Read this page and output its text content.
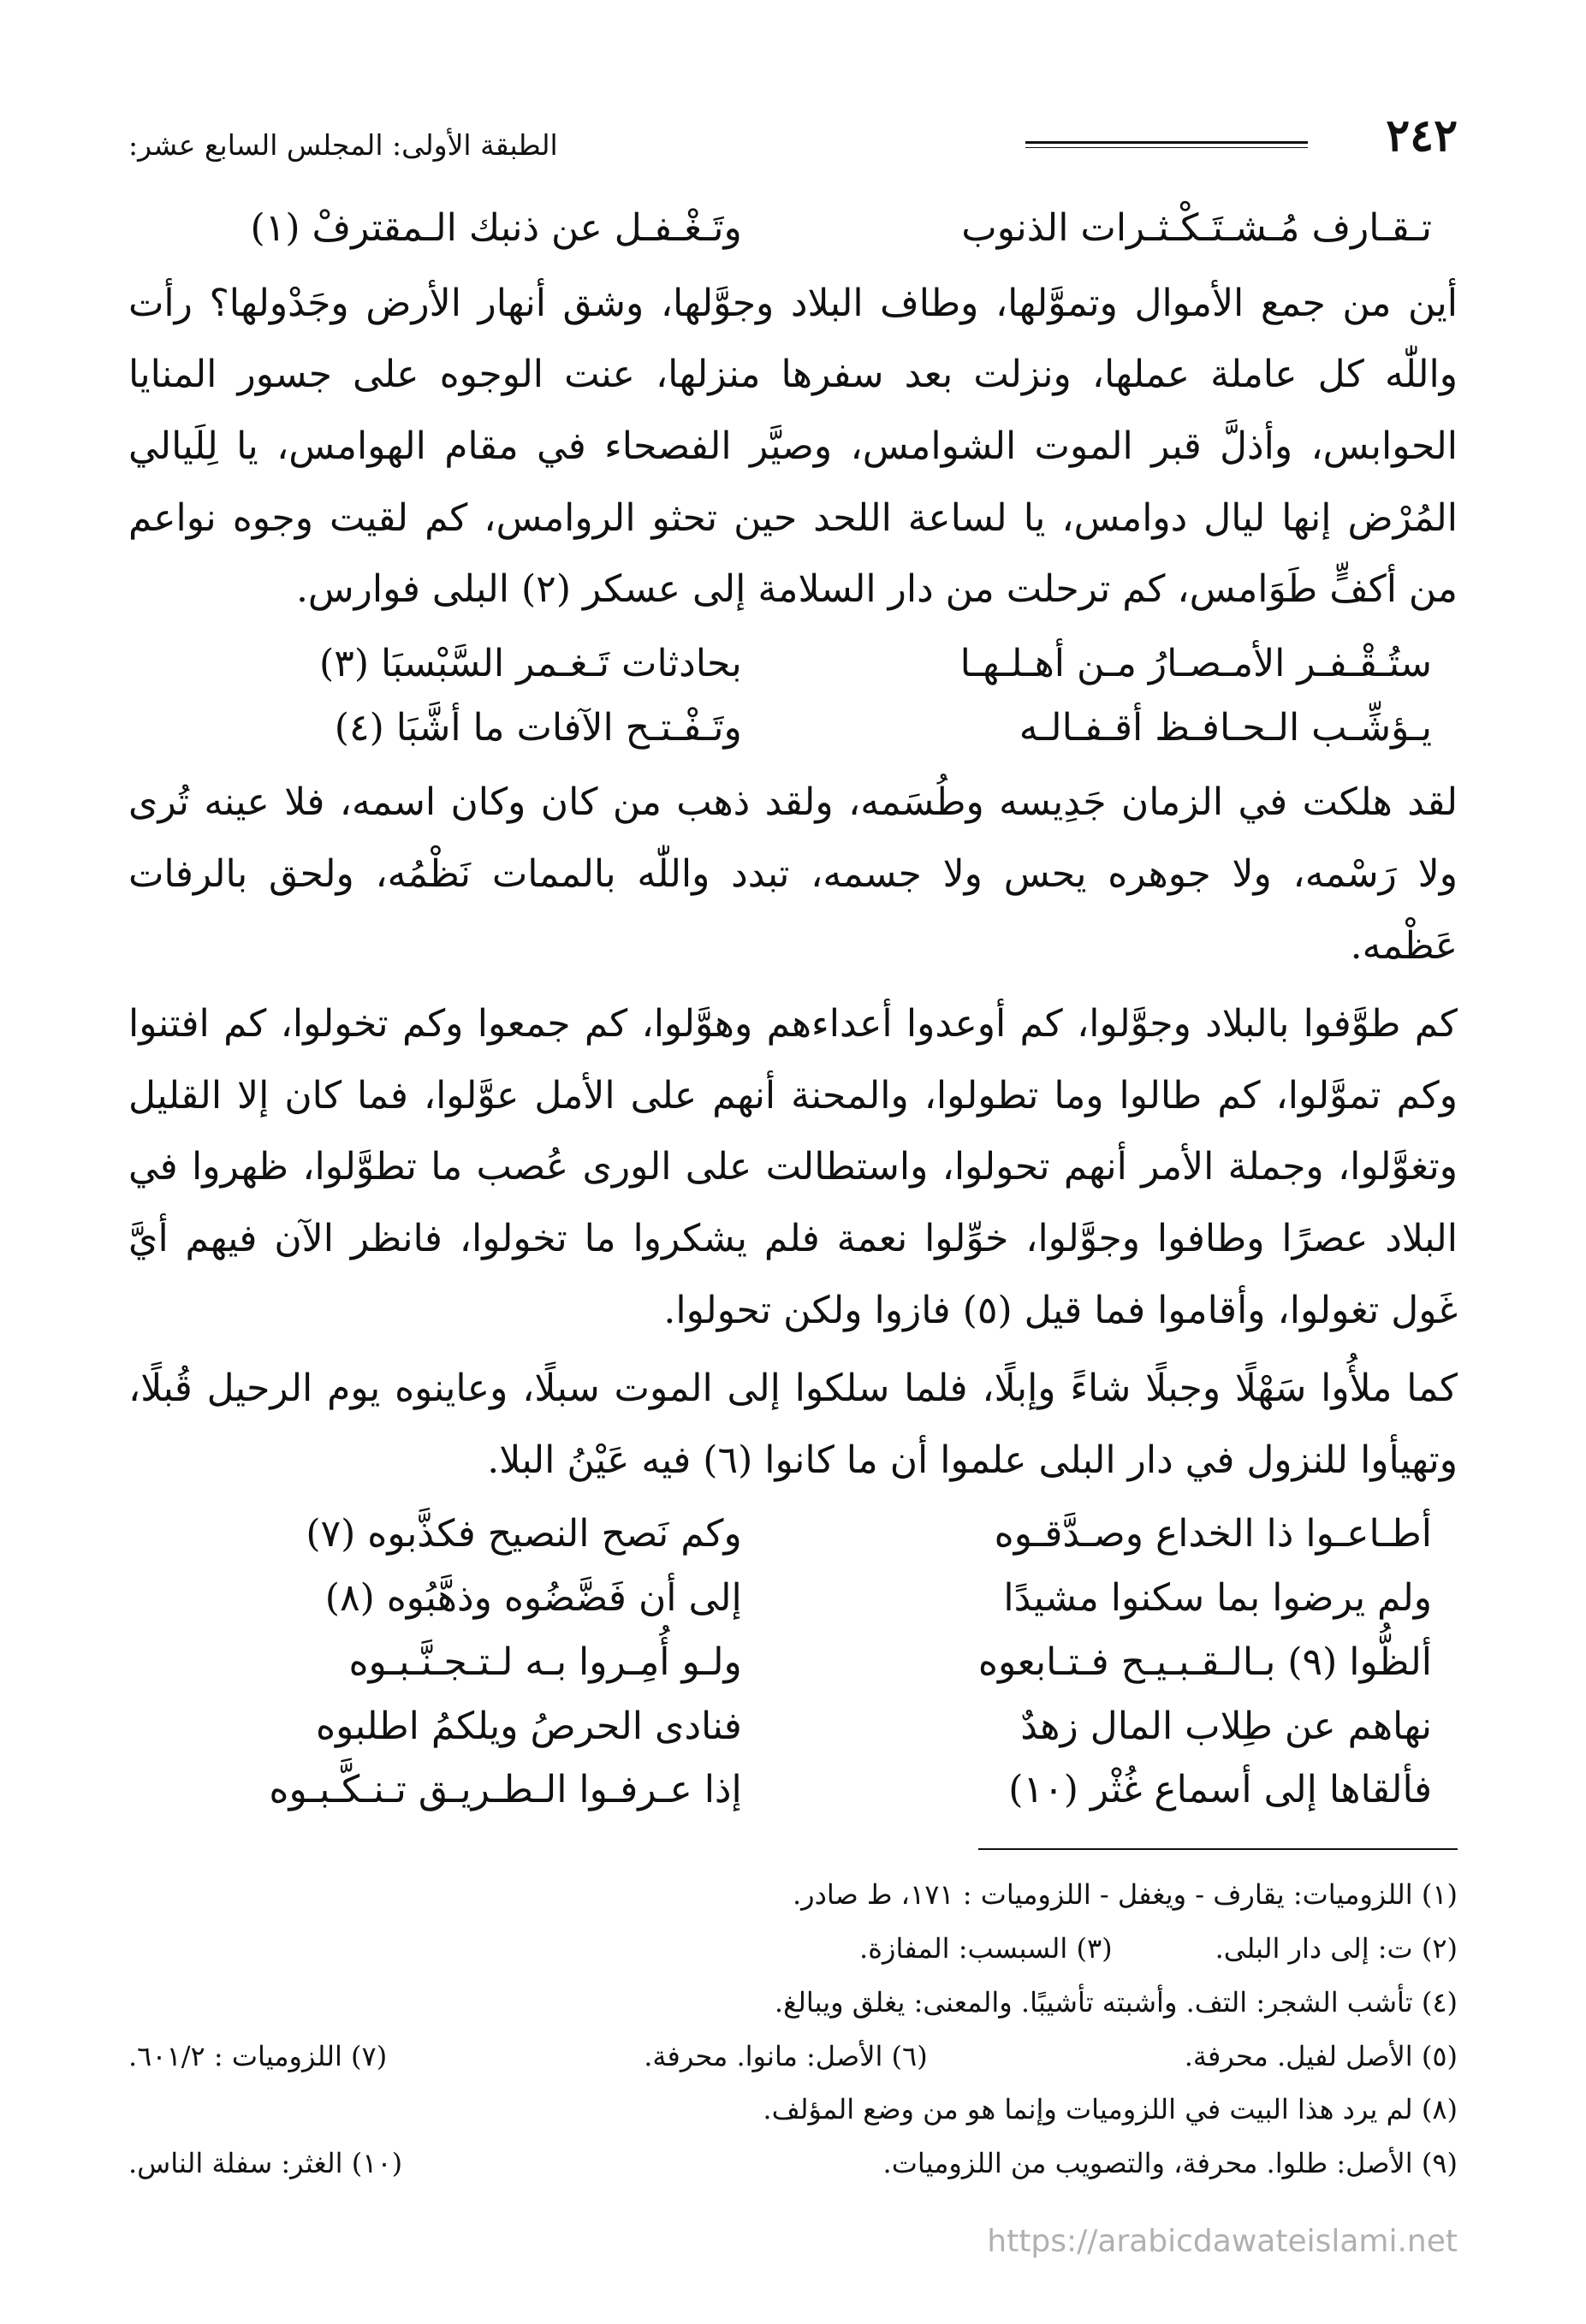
٢٤٢
الطبقة الأولى: المجلس السابع عشر:
تـقـارف مُـشـتَـكْـثـرات الذنوب
وتَـغْـفـل عن ذنبك الـمقترفْ (١)

أين من جمع الأموال وتموَّلها، وطاف البلاد وجوَّلها، وشق أنهار الأرض وجَدْولها؟ رأت واللّٰه كل عاملة عملها، ونزلت بعد سفرها منزلها، عنت الوجوه على جسور المنايا الحوابس، وأذلَّ قبر الموت الشوامس، وصيَّر الفصحاء في مقام الهوامس، يا لِلَيالي المُرْض إنها ليال دوامس، يا لساعة اللحد حين تحثو الروامس، كم لقيت وجوه نواعم من أكفٍّ طَوَامس، كم ترحلت من دار السلامة إلى عسكر (٢) البلى فوارس.

ستُـقْـفـر الأمـصـارُ مـن أهـلـهـا
بحادثات تَـغـمر السَّبْسبَا (٣)
يـؤشِّـب الـحـافـظ أقـفـالـه
وتَـفْـتـح الآفات ما أشَّبَا (٤)

لقد هلكت في الزمان جَدِيسه وطُسَمه، ولقد ذهب من كان وكان اسمه، فلا عينه تُرى ولا رَسْمه، ولا جوهره يحس ولا جسمه، تبدد واللّٰه بالممات نَظْمُه، ولحق بالرفات عَظْمه.

كم طوَّفوا بالبلاد وجوَّلوا، كم أوعدوا أعداءهم وهوَّلوا، كم جمعوا وكم تخولوا، كم افتنوا وكم تموَّلوا، كم طالوا وما تطولوا، والمحنة أنهم على الأمل عوَّلوا، فما كان إلا القليل وتغوَّلوا، وجملة الأمر أنهم تحولوا، واستطالت على الورى عُصب ما تطوَّلوا، ظهروا في البلاد عصرًا وطافوا وجوَّلوا، خوِّلوا نعمة فلم يشكروا ما تخولوا، فانظر الآن فيهم أيَّ غَول تغولوا، وأقاموا فما قيل (٥) فازوا ولكن تحولوا.

كما ملأُوا سَهْلًا وجبلًا شاءً وإبلًا، فلما سلكوا إلى الموت سبلًا، وعاينوه يوم الرحيل قُبلًا، وتهيأوا للنزول في دار البلى علموا أن ما كانوا (٦) فيه عَيْنُ البلا.

أطـاعـوا ذا الخداع وصـدَّقـوه
وكم نَصح النصيح فكذَّبوه (٧)
ولم يرضوا بما سكنوا مشيدًا
إلى أن فَضَّضُوه وذهَّبُوه (٨)
ألظُّوا (٩) بـالـقـبـيـح فـتـابعوه
ولـو أُمِـروا بـه لـتـجـنَّـبـوه
نهاهم عن طِلاب المال زهدٌ
فنادى الحرصُ ويلكمُ اطلبوه
فألقاها إلى أسماع غُثْر (١٠)
إذا عـرفـوا الـطـريـق تـنـكَّـبـوه
(١) اللزوميات: يقارف - ويغفل - اللزوميات : ١٧١، ط صادر.
(٢) ت: إلى دار البلى.
(٣) السبسب: المفازة.
(٤) تأشب الشجر: التف. وأشبته تأشيبًا. والمعنى: يغلق ويبالغ.
(٥) الأصل لفيل. محرفة.
(٦) الأصل: مانوا. محرفة.
(٧) اللزوميات : ٦٠١/٢.
(٨) لم يرد هذا البيت في اللزوميات وإنما هو من وضع المؤلف.
(٩) الأصل: طلوا. محرفة، والتصويب من اللزوميات.
(١٠) الغثر: سفلة الناس.
https://arabicdawateislami.net
